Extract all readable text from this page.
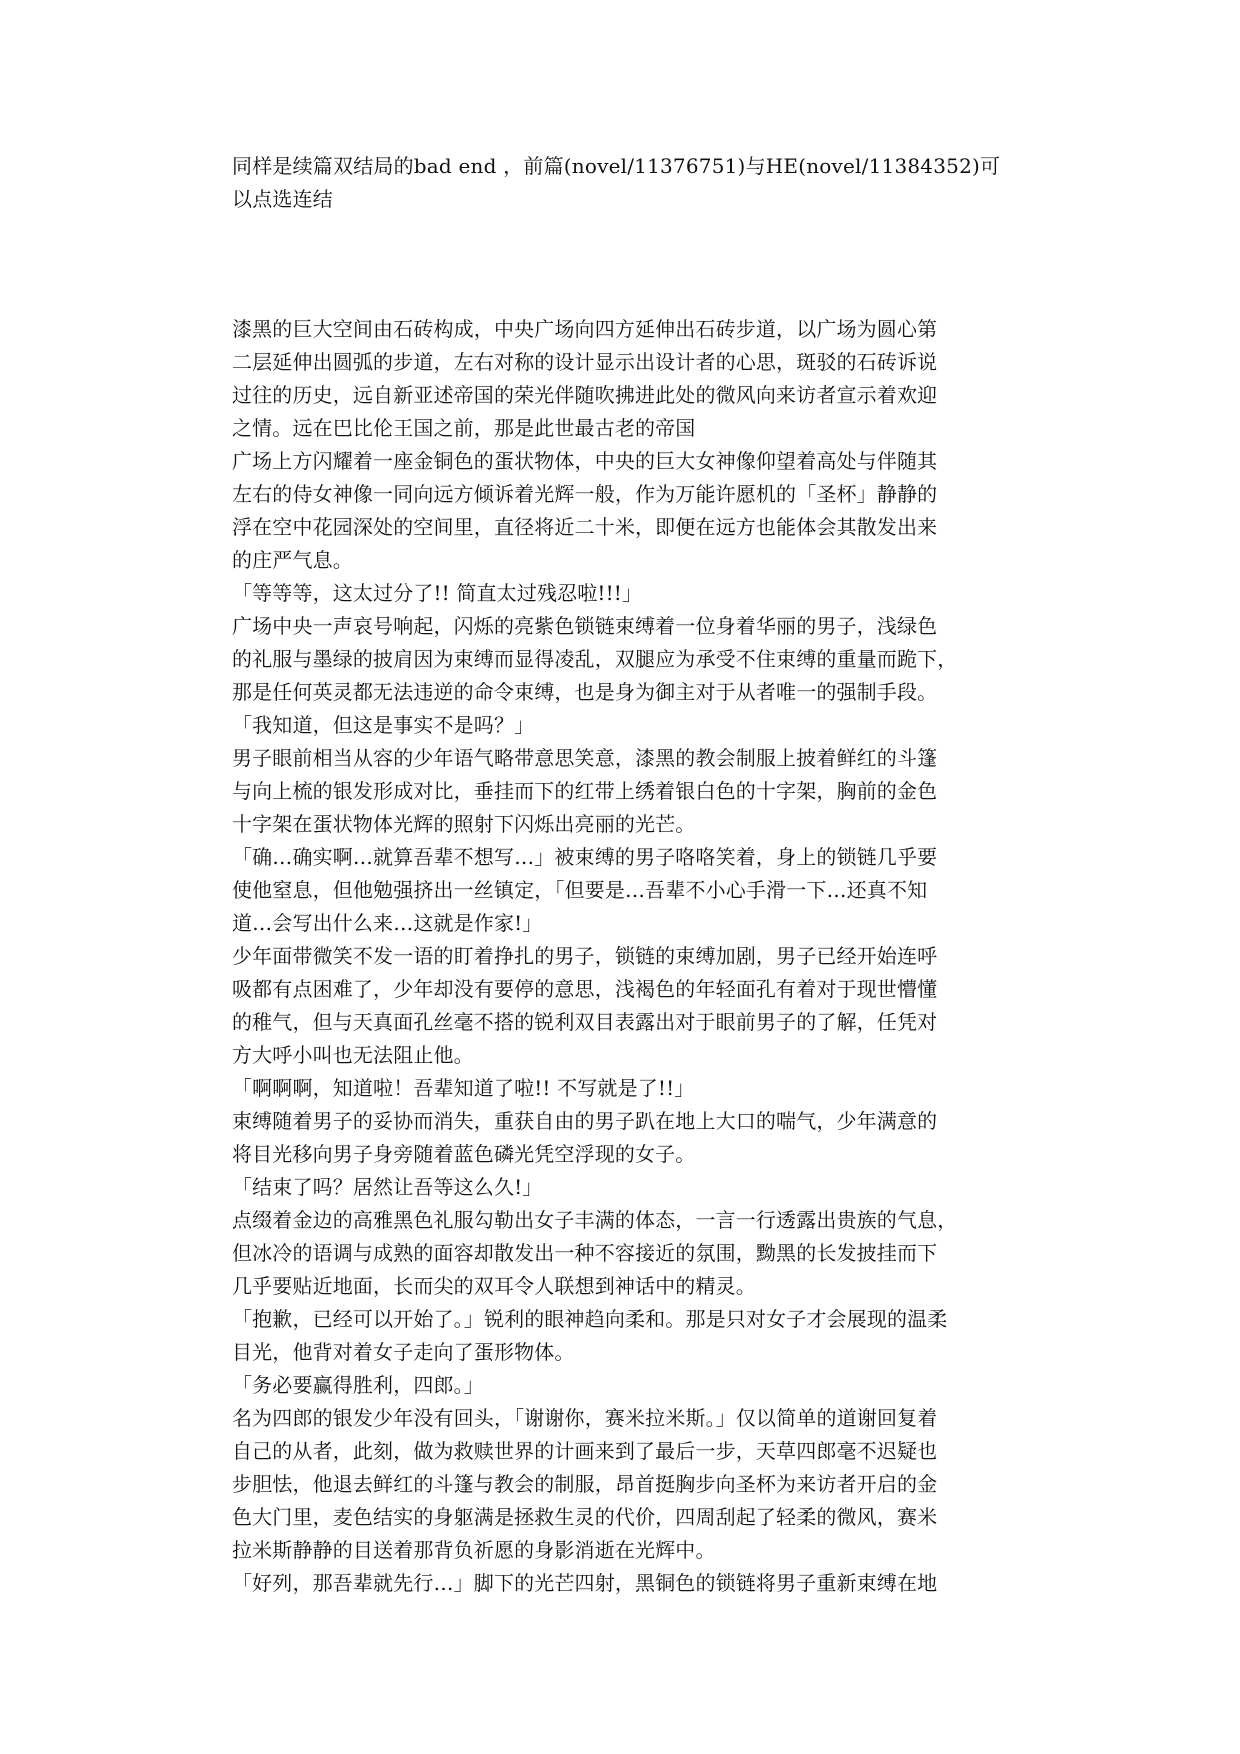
同样是续篇双结局的bad end ，前篇(novel/11376751)与HE(novel/11384352)可
以点选连结
漆黑的巨大空间由石砖构成，中央广场向四方延伸出石砖步道，以广场为圆心第
二层延伸出圆弧的步道，左右对称的设计显示出设计者的心思，斑驳的石砖诉说
过往的历史，远自新亚述帝国的荣光伴随吹拂进此处的微风向来访者宣示着欢迎
之情。远在巴比伦王国之前，那是此世最古老的帝国
广场上方闪耀着一座金铜色的蛋状物体，中央的巨大女神像仰望着高处与伴随其
左右的侍女神像一同向远方倾诉着光辉一般，作为万能许愿机的「圣杯」静静的
浮在空中花园深处的空间里，直径将近二十米，即便在远方也能体会其散发出来
的庄严气息。
「等等等，这太过分了!! 简直太过残忍啦!!!」
广场中央一声哀号响起，闪烁的亮紫色锁链束缚着一位身着华丽的男子，浅绿色
的礼服与墨绿的披肩因为束缚而显得凌乱，双腿应为承受不住束缚的重量而跪下，
那是任何英灵都无法违逆的命令束缚，也是身为御主对于从者唯一的强制手段。
「我知道，但这是事实不是吗？」
男子眼前相当从容的少年语气略带意思笑意，漆黑的教会制服上披着鲜红的斗篷
与向上梳的银发形成对比，垂挂而下的红带上绣着银白色的十字架，胸前的金色
十字架在蛋状物体光辉的照射下闪烁出亮丽的光芒。
「确…确实啊…就算吾辈不想写…」被束缚的男子咯咯笑着，身上的锁链几乎要
使他窒息，但他勉强挤出一丝镇定，「但要是…吾辈不小心手滑一下…还真不知
道…会写出什么来…这就是作家!」
少年面带微笑不发一语的盯着挣扎的男子，锁链的束缚加剧，男子已经开始连呼
吸都有点困难了，少年却没有要停的意思，浅褐色的年轻面孔有着对于现世懵懂
的稚气，但与天真面孔丝毫不搭的锐利双目表露出对于眼前男子的了解，任凭对
方大呼小叫也无法阻止他。
「啊啊啊，知道啦！吾辈知道了啦!! 不写就是了!!」
束缚随着男子的妥协而消失，重获自由的男子趴在地上大口的喘气，少年满意的
将目光移向男子身旁随着蓝色磷光凭空浮现的女子。
「结束了吗？居然让吾等这么久!」
点缀着金边的高雅黑色礼服勾勒出女子丰满的体态，一言一行透露出贵族的气息，
但冰冷的语调与成熟的面容却散发出一种不容接近的氛围，黝黑的长发披挂而下
几乎要贴近地面，长而尖的双耳令人联想到神话中的精灵。
「抱歉，已经可以开始了。」锐利的眼神趋向柔和。那是只对女子才会展现的温柔
目光，他背对着女子走向了蛋形物体。
「务必要赢得胜利，四郎。」
名为四郎的银发少年没有回头，「谢谢你，赛米拉米斯。」仅以简单的道谢回复着
自己的从者，此刻，做为救赎世界的计画来到了最后一步，天草四郎毫不迟疑也
步胆怯，他退去鲜红的斗篷与教会的制服，昂首挺胸步向圣杯为来访者开启的金
色大门里，麦色结实的身躯满是拯救生灵的代价，四周刮起了轻柔的微风，赛米
拉米斯静静的目送着那背负祈愿的身影消逝在光辉中。
「好列，那吾辈就先行…」脚下的光芒四射，黑铜色的锁链将男子重新束缚在地
